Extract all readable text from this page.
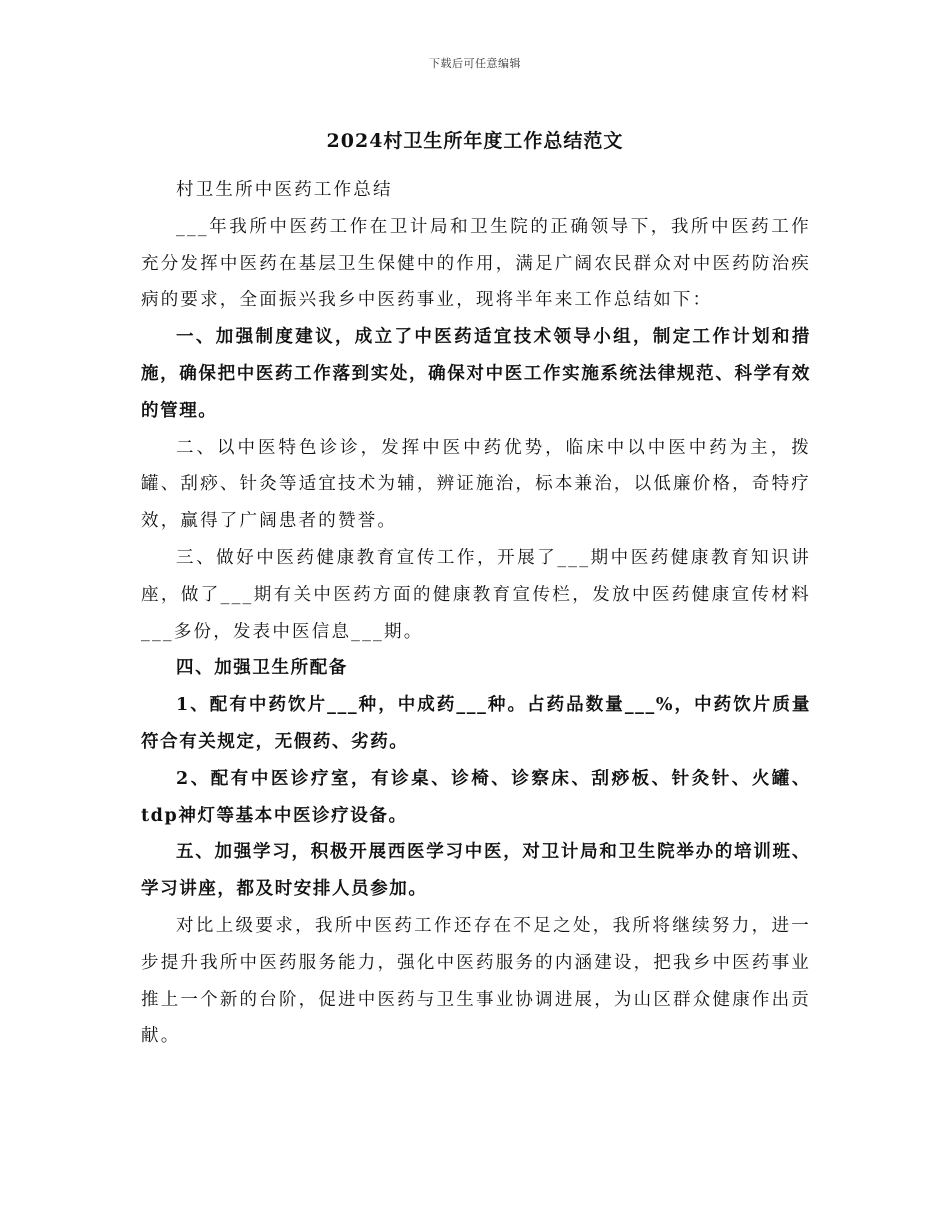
下载后可任意编辑
2024村卫生所年度工作总结范文

村卫生所中医药工作总结

___年我所中医药工作在卫计局和卫生院的正确领导下，我所中医药工作充分发挥中医药在基层卫生保健中的作用，满足广阔农民群众对中医药防治疾病的要求，全面振兴我乡中医药事业，现将半年来工作总结如下：

一、加强制度建议，成立了中医药适宜技术领导小组，制定工作计划和措施，确保把中医药工作落到实处，确保对中医工作实施系统法律规范、科学有效的管理。

二、以中医特色诊诊，发挥中医中药优势，临床中以中医中药为主，拨罐、刮痧、针灸等适宜技术为辅，辨证施治，标本兼治，以低廉价格，奇特疗效，赢得了广阔患者的赞誉。

三、做好中医药健康教育宣传工作，开展了___期中医药健康教育知识讲座，做了___期有关中医药方面的健康教育宣传栏，发放中医药健康宣传材料___多份，发表中医信息___期。

四、加强卫生所配备

1、配有中药饮片___种，中成药___种。占药品数量___%，中药饮片质量符合有关规定，无假药、劣药。

2、配有中医诊疗室，有诊桌、诊椅、诊察床、刮痧板、针灸针、火罐、tdp神灯等基本中医诊疗设备。

五、加强学习，积极开展西医学习中医，对卫计局和卫生院举办的培训班、学习讲座，都及时安排人员参加。

对比上级要求，我所中医药工作还存在不足之处，我所将继续努力，进一步提升我所中医药服务能力，强化中医药服务的内涵建设，把我乡中医药事业推上一个新的台阶，促进中医药与卫生事业协调进展，为山区群众健康作出贡献。
